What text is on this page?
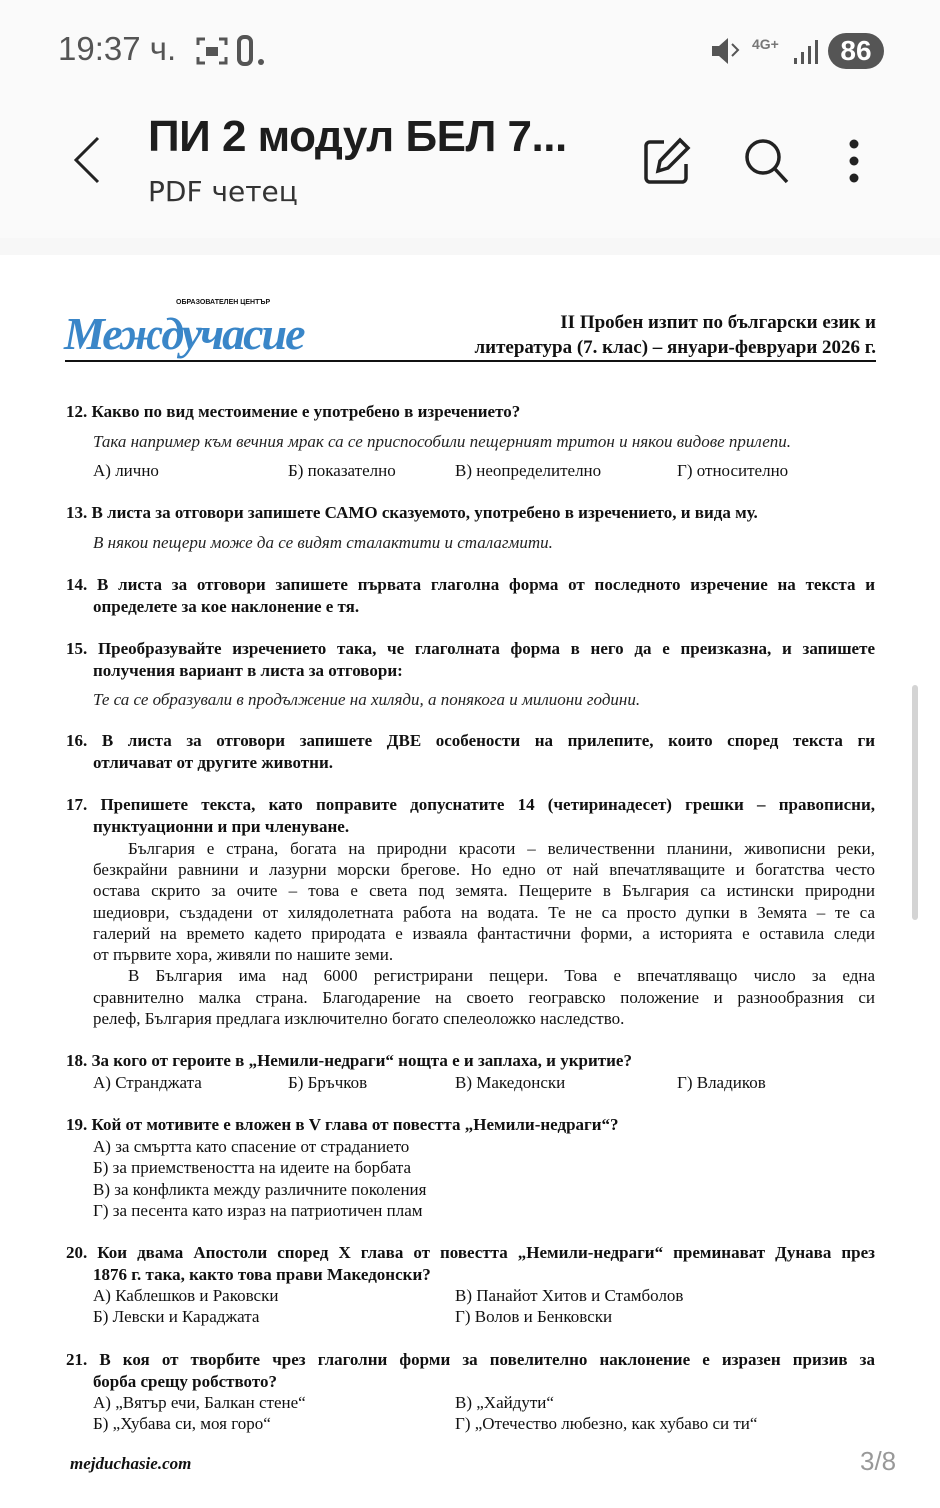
19:37 ч.	4G+	86
ПИ 2 модул БЕЛ 7...
PDF четец
ОБРАЗОВАТЕЛЕН ЦЕНТЪР
Междучасие	II Пробен изпит по български език и
литература (7. клас) – януари-февруари 2026 г.
12. Какво по вид местоимение е употребено в изречението?
Така например към вечния мрак са се приспособили пещерният тритон и някои видове прилепи.
А) лично	Б) показателно	В) неопределително	Г) относително
13. В листа за отговори запишете САМО сказуемото, употребено в изречението, и вида му.
В някои пещери може да се видят сталактити и сталагмити.
14. В листа за отговори запишете първата глаголна форма от последното изречение на текста и
определете за кое наклонение е тя.
15. Преобразувайте изречението така, че глаголната форма в него да е преизказна, и запишете
получения вариант в листа за отговори:
Те са се образували в продължение на хиляди, а понякога и милиони години.
16. В листа за отговори запишете ДВЕ особености на прилепите, които според текста ги
отличават от другите животни.
17. Препишете текста, като поправите допуснатите 14 (четиринадесет) грешки – правописни,
пунктуационни и при членуване.
България е страна, богата на природни красоти – величественни планини, живописни реки,
безкрайни равнини и лазурни морски брегове. Но едно от най впечатляващите и богатства често
остава скрито за очите – това е света под земята. Пещерите в България са истински природни
шедиоври, създадени от хилядолетната работа на водата. Те не са просто дупки в Земята – те са
галерий на времето кадето природата е изваяла фантастични форми, а историята е оставила следи
от първите хора, живяли по нашите земи.
В България има над 6000 регистрирани пещери. Това е впечатляващо число за една
сравнително малка страна. Благодарение на своето геогравско положение и разнообразния си
релеф, България предлага изключително богато спелеоложко наследство.
18. За кого от героите в „Немили-недраги“ нощта е и заплаха, и укритие?
А) Странджата	Б) Бръчков	В) Македонски	Г) Владиков
19. Кой от мотивите е вложен в V глава от повестта „Немили-недраги“?
А) за смъртта като спасение от страданието
Б) за приемствеността на идеите на борбата
В) за конфликта между различните поколения
Г) за песента като израз на патриотичен плам
20. Кои двама Апостоли според X глава от повестта „Немили-недраги“ преминават Дунава през
1876 г. така, както това прави Македонски?
А) Каблешков и Раковски	В) Панайот Хитов и Стамболов
Б) Левски и Караджата	Г) Волов и Бенковски
21. В коя от творбите чрез глаголни форми за повелително наклонение е изразен призив за
борба срещу робството?
А) „Вятър ечи, Балкан стене“	В) „Хайдути“
Б) „Хубава си, моя горо“	Г) „Отечество любезно, как хубаво си ти“
mejduchasie.com	3/8
